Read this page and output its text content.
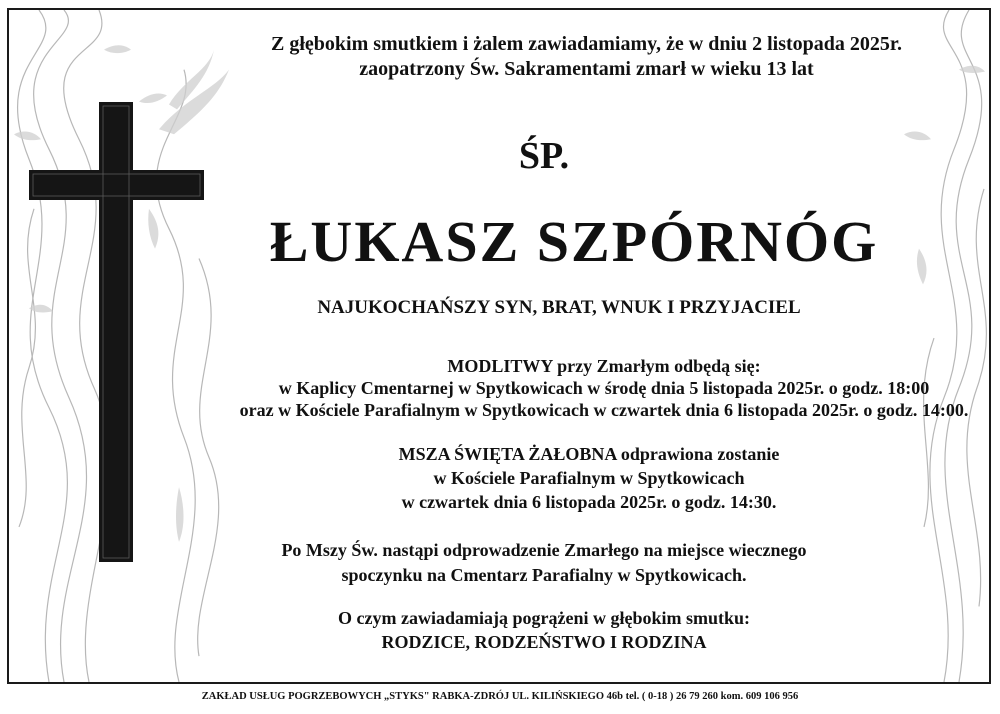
Z głębokim smutkiem i żalem zawiadamiamy, że w dniu 2 listopada 2025r.
zaopatrzony Św. Sakramentami zmarł w wieku 13 lat
ŚP.
ŁUKASZ SZPÓRNÓG
NAJUKOCHAŃSZY SYN, BRAT, WNUK I PRZYJACIEL
MODLITWY przy Zmarłym odbędą się:
w Kaplicy Cmentarnej w Spytkowicach w środę dnia 5 listopada 2025r. o godz. 18:00
oraz w Kościele Parafialnym w Spytkowicach w czwartek dnia 6 listopada 2025r. o godz. 14:00.
MSZA ŚWIĘTA ŻAŁOBNA odprawiona zostanie
w Kościele Parafialnym w Spytkowicach
w czwartek dnia 6 listopada 2025r. o godz. 14:30.
Po Mszy Św. nastąpi odprowadzenie Zmarłego na miejsce wiecznego
spoczynku na Cmentarz Parafialny w Spytkowicach.
O czym zawiadamiają pogrążeni w głębokim smutku:
RODZICE, RODZEŃSTWO I RODZINA
ZAKŁAD USŁUG POGRZEBOWYCH „STYKS" RABKA-ZDRÓJ UL. KILIŃSKIEGO 46b tel. ( 0-18 ) 26 79 260 kom. 609 106 956
